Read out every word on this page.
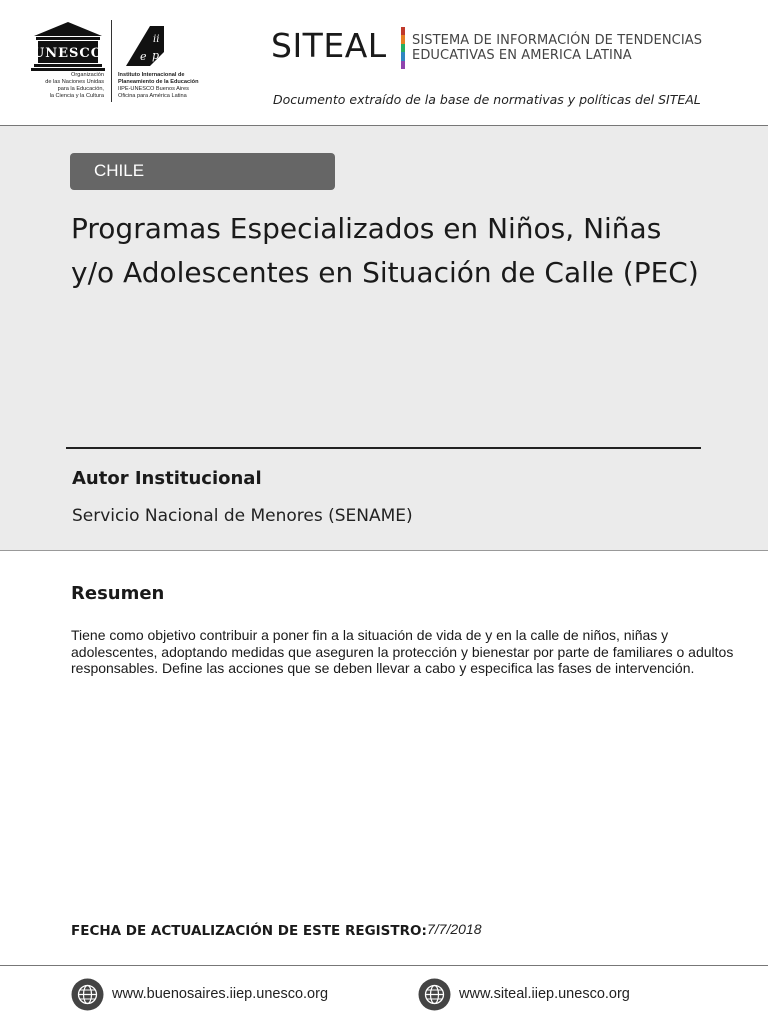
UNESCO
Organización
de las Naciones Unidas
para la Educación,
la Ciencia y la Cultura
ii
e p
Instituto Internacional de
Planeamiento de la Educación
IIPE-UNESCO Buenos Aires
Oficina para América Latina
SITEAL SISTEMA DE INFORMACIÓN DE TENDENCIAS
EDUCATIVAS EN AMERICA LATINA
Documento extraído de la base de normativas y políticas del SITEAL
CHILE
Programas Especializados en Niños, Niñas y/o Adolescentes en Situación de Calle (PEC)
Autor Institucional
Servicio Nacional de Menores (SENAME)
Resumen

Tiene como objetivo contribuir a poner fin a la situación de vida de y en la calle de niños, niñas y adolescentes, adoptando medidas que aseguren la protección y bienestar por parte de familiares o adultos responsables. Define las acciones que se deben llevar a cabo y especifica las fases de intervención.

FECHA DE ACTUALIZACIÓN DE ESTE REGISTRO: 7/7/2018
www.buenosaires.iiep.unesco.org	www.siteal.iiep.unesco.org
